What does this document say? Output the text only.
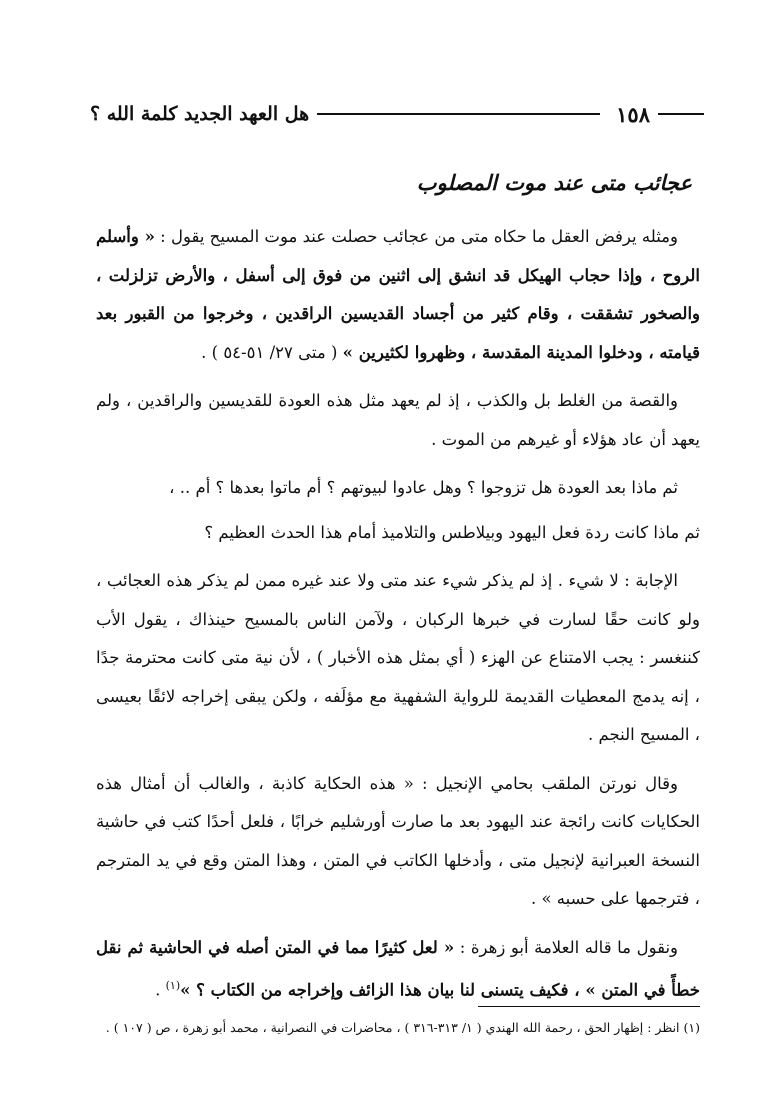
١٥٨
هل العهد الجديد كلمة الله ؟
عجائب متى عند موت المصلوب

ومثله يرفض العقل ما حكاه متى من عجائب حصلت عند موت المسيح يقول : « وأسلم الروح ، وإذا حجاب الهيكل قد انشق إلى اثنين من فوق إلى أسفل ، والأرض تزلزلت ، والصخور تشققت ، وقام كثير من أجساد القديسين الراقدين ، وخرجوا من القبور بعد قيامته ، ودخلوا المدينة المقدسة ، وظهروا لكثيرين » ( متى ٢٧/ ٥١-٥٤ ) .

والقصة من الغلط بل والكذب ، إذ لم يعهد مثل هذه العودة للقديسين والراقدين ، ولم يعهد أن عاد هؤلاء أو غيرهم من الموت .

ثم ماذا بعد العودة هل تزوجوا ؟ وهل عادوا لبيوتهم ؟ أم ماتوا بعدها ؟ أم .. ،

ثم ماذا كانت ردة فعل اليهود وبيلاطس والتلاميذ أمام هذا الحدث العظيم ؟

الإجابة : لا شيء . إذ لم يذكر شيء عند متى ولا عند غيره ممن لم يذكر هذه العجائب ، ولو كانت حقًا لسارت في خبرها الركبان ، ولآمن الناس بالمسيح حينذاك ، يقول الأب كننغسر : يجب الامتناع عن الهزء ( أي بمثل هذه الأخبار ) ، لأن نية متى كانت محترمة جدًا ، إنه يدمج المعطيات القديمة للرواية الشفهية مع مؤلَفه ، ولكن يبقى إخراجه لائقًا بعيسى ، المسيح النجم .

وقال نورتن الملقب بحامي الإنجيل : « هذه الحكاية كاذبة ، والغالب أن أمثال هذه الحكايات كانت رائجة عند اليهود بعد ما صارت أورشليم خرابًا ، فلعل أحدًا كتب في حاشية النسخة العبرانية لإنجيل متى ، وأدخلها الكاتب في المتن ، وهذا المتن وقع في يد المترجم ، فترجمها على حسبه » .

ونقول ما قاله العلامة أبو زهرة : « لعل كثيرًا مما في المتن أصله في الحاشية ثم نقل خطأً في المتن » ، فكيف يتسنى لنا بيان هذا الزائف وإخراجه من الكتاب ؟ »$^{(١)}$ .

(١) انظر : إظهار الحق ، رحمة الله الهندي ( ١/ ٣١٣-٣١٦ ) ، محاضرات في النصرانية ، محمد أبو زهرة ، ص ( ١٠٧ ) .
